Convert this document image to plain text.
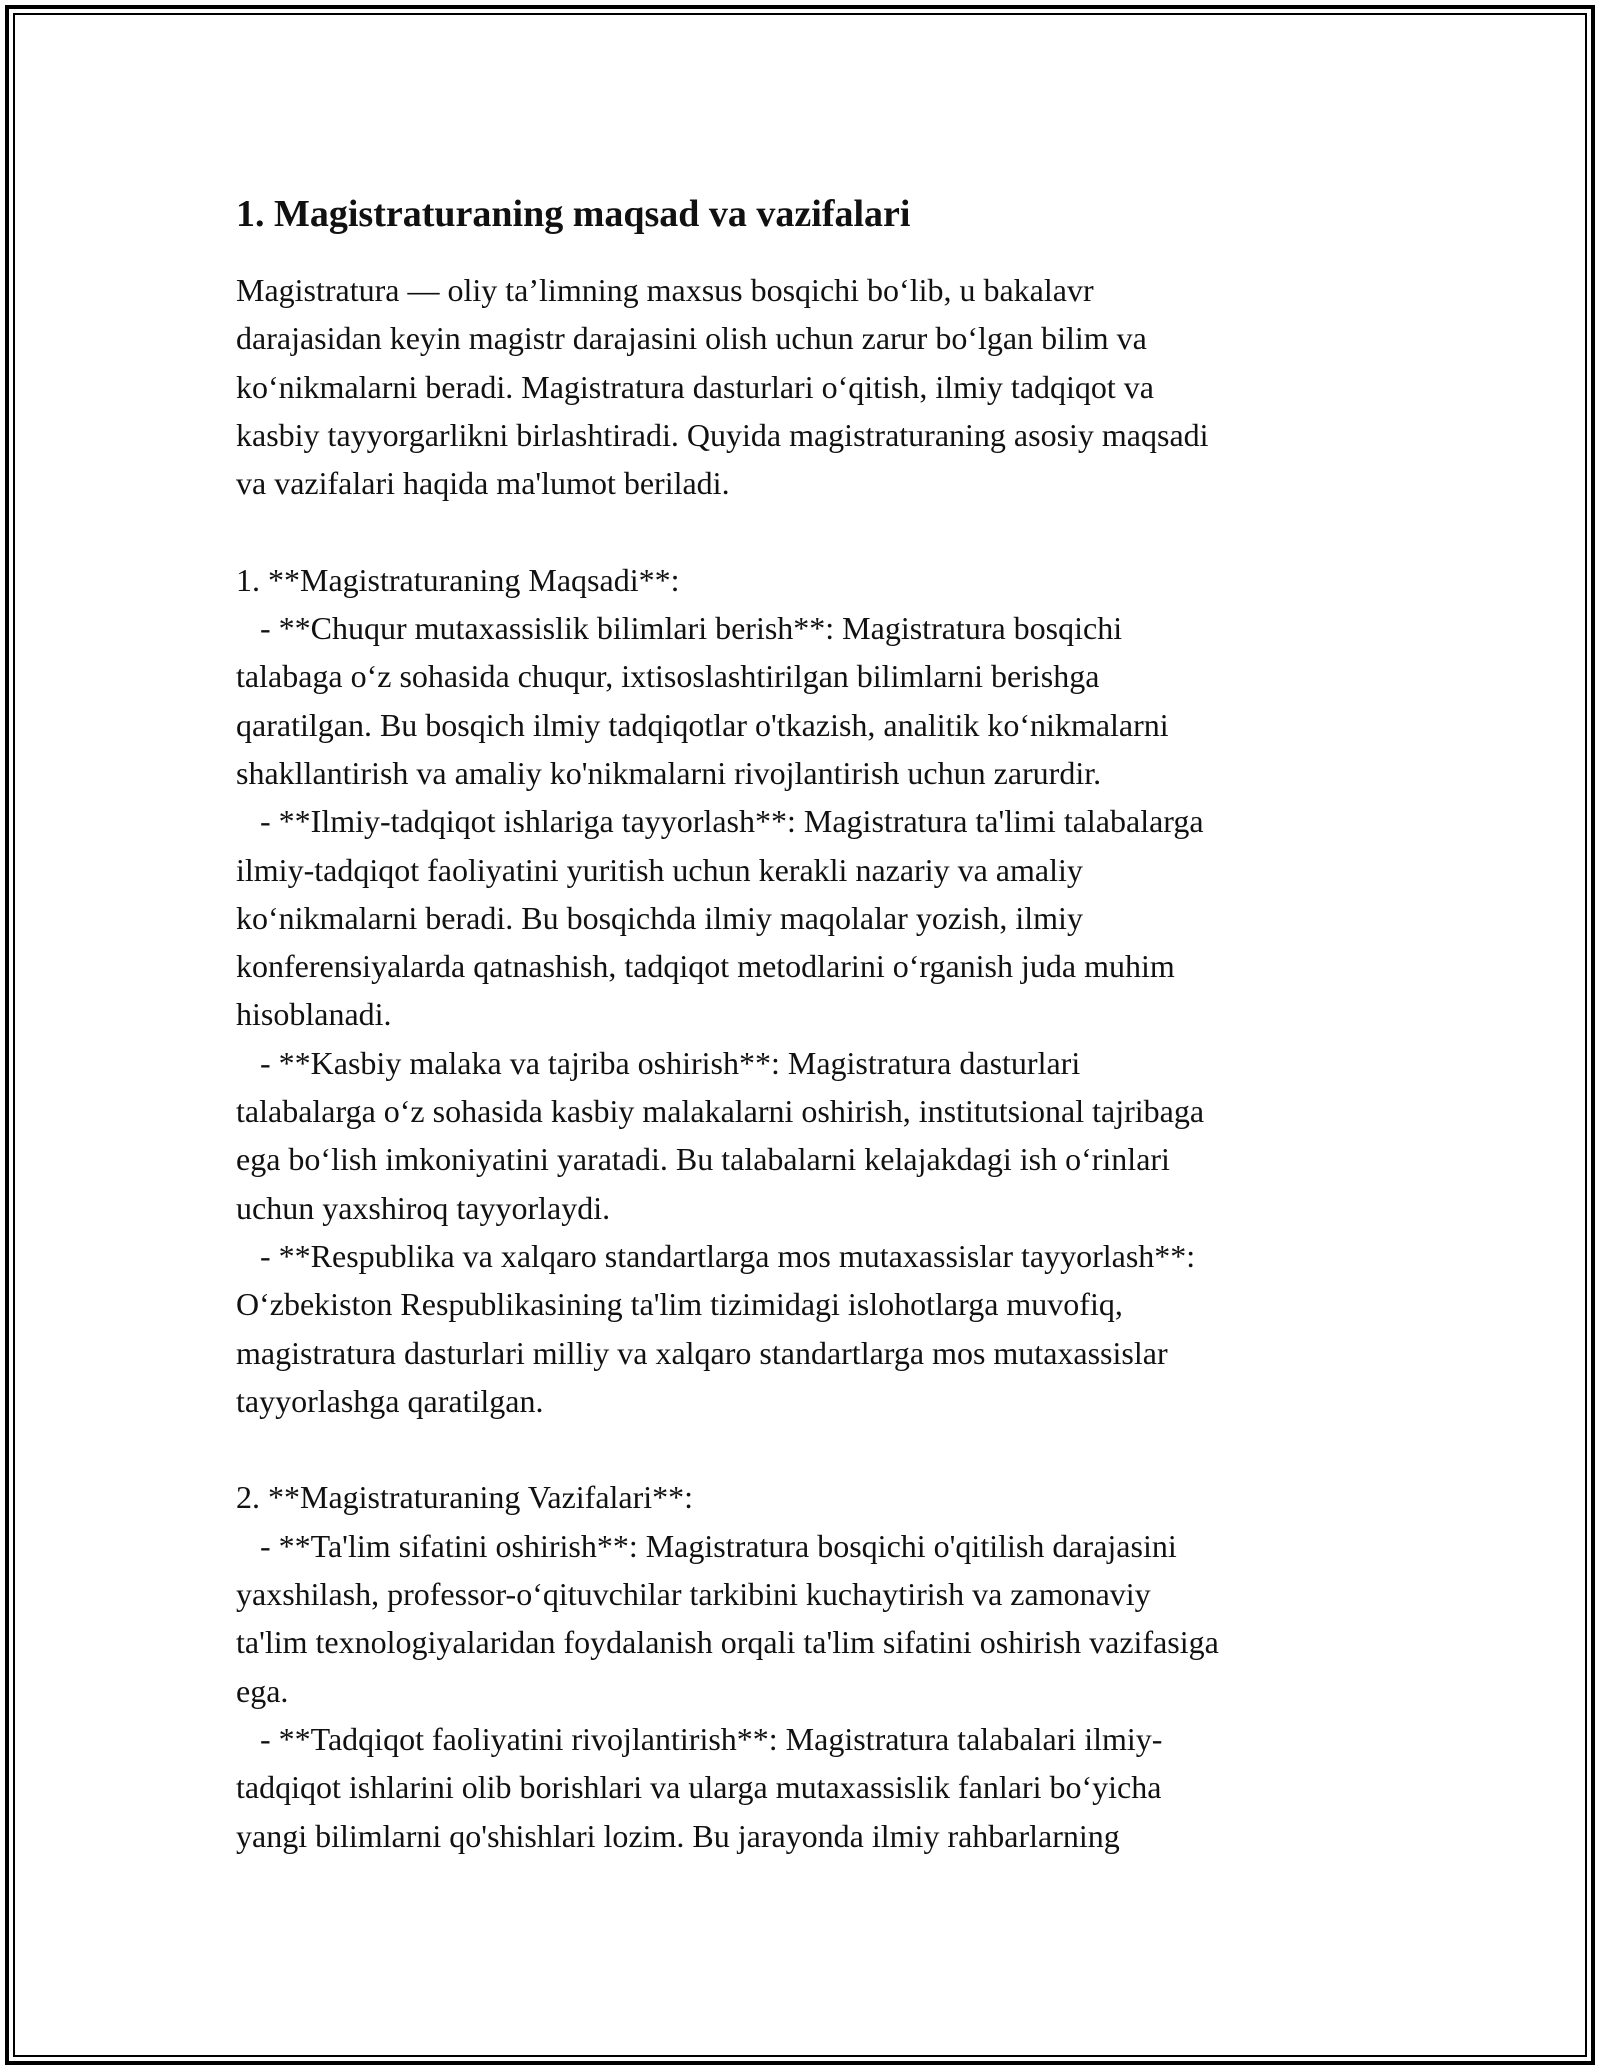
1. Magistraturaning maqsad va vazifalari

Magistratura — oliy ta’limning maxsus bosqichi bo‘lib, u bakalavr

darajasidan keyin magistr darajasini olish uchun zarur bo‘lgan bilim va

ko‘nikmalarni beradi. Magistratura dasturlari o‘qitish, ilmiy tadqiqot va

kasbiy tayyorgarlikni birlashtiradi. Quyida magistraturaning asosiy maqsadi

va vazifalari haqida ma'lumot beriladi.

1. **Magistraturaning Maqsadi**:

- **Chuqur mutaxassislik bilimlari berish**: Magistratura bosqichi

talabaga o‘z sohasida chuqur, ixtisoslashtirilgan bilimlarni berishga

qaratilgan. Bu bosqich ilmiy tadqiqotlar o'tkazish, analitik ko‘nikmalarni

shakllantirish va amaliy ko'nikmalarni rivojlantirish uchun zarurdir.

- **Ilmiy-tadqiqot ishlariga tayyorlash**: Magistratura ta'limi talabalarga

ilmiy-tadqiqot faoliyatini yuritish uchun kerakli nazariy va amaliy

ko‘nikmalarni beradi. Bu bosqichda ilmiy maqolalar yozish, ilmiy

konferensiyalarda qatnashish, tadqiqot metodlarini o‘rganish juda muhim

hisoblanadi.

- **Kasbiy malaka va tajriba oshirish**: Magistratura dasturlari

talabalarga o‘z sohasida kasbiy malakalarni oshirish, institutsional tajribaga

ega bo‘lish imkoniyatini yaratadi. Bu talabalarni kelajakdagi ish o‘rinlari

uchun yaxshiroq tayyorlaydi.

- **Respublika va xalqaro standartlarga mos mutaxassislar tayyorlash**:

O‘zbekiston Respublikasining ta'lim tizimidagi islohotlarga muvofiq,

magistratura dasturlari milliy va xalqaro standartlarga mos mutaxassislar

tayyorlashga qaratilgan.

2. **Magistraturaning Vazifalari**:

- **Ta'lim sifatini oshirish**: Magistratura bosqichi o'qitilish darajasini

yaxshilash, professor-o‘qituvchilar tarkibini kuchaytirish va zamonaviy

ta'lim texnologiyalaridan foydalanish orqali ta'lim sifatini oshirish vazifasiga

ega.

- **Tadqiqot faoliyatini rivojlantirish**: Magistratura talabalari ilmiy-

tadqiqot ishlarini olib borishlari va ularga mutaxassislik fanlari bo‘yicha

yangi bilimlarni qo'shishlari lozim. Bu jarayonda ilmiy rahbarlarning
